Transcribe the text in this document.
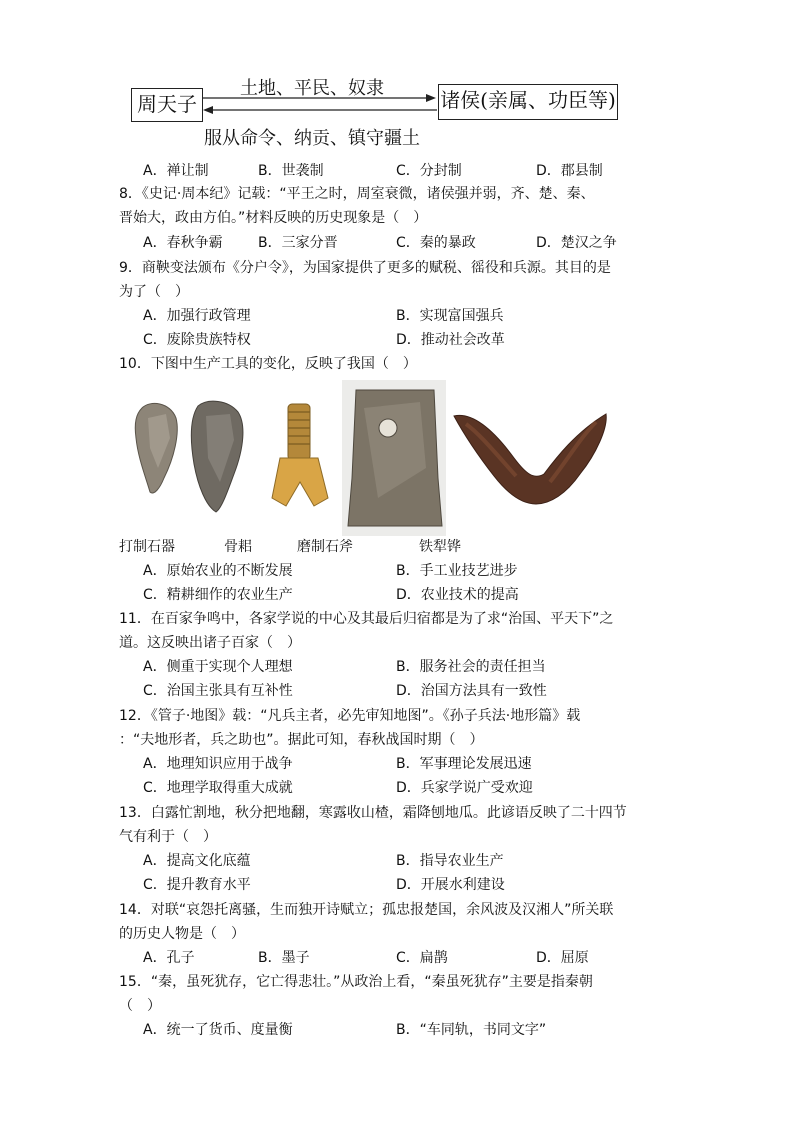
周天子	诸侯(亲属、功臣等)
土地、平民、奴隶
服从命令、纳贡、镇守疆土
A．禅让制	B．世袭制	C．分封制	D．郡县制
8．《史记·周本纪》记载：“平王之时，周室衰微，诸侯强并弱，齐、楚、秦、
晋始大，政由方伯。”材料反映的历史现象是（　）
A．春秋争霸	B．三家分晋	C．秦的暴政	D．楚汉之争
9．商鞅变法颁布《分户令》，为国家提供了更多的赋税、徭役和兵源。其目的是
为了（　）
A．加强行政管理	B．实现富国强兵
C．废除贵族特权	D．推动社会改革
10．下图中生产工具的变化，反映了我国（　）
打制石器	骨耜	磨制石斧	铁犁铧
A．原始农业的不断发展	B．手工业技艺进步
C．精耕细作的农业生产	D．农业技术的提高
11．在百家争鸣中，各家学说的中心及其最后归宿都是为了求“治国、平天下”之
道。这反映出诸子百家（　）
A．侧重于实现个人理想	B．服务社会的责任担当
C．治国主张具有互补性	D．治国方法具有一致性
12．《管子·地图》载：“凡兵主者，必先审知地图”。《孙子兵法·地形篇》载
：“夫地形者，兵之助也”。据此可知，春秋战国时期（　）
A．地理知识应用于战争	B．军事理论发展迅速
C．地理学取得重大成就	D．兵家学说广受欢迎
13．白露忙割地，秋分把地翻，寒露收山楂，霜降刨地瓜。此谚语反映了二十四节
气有利于（　）
A．提高文化底蕴	B．指导农业生产
C．提升教育水平	D．开展水利建设
14．对联“哀怨托离骚，生而独开诗赋立；孤忠报楚国，余风波及汉湘人”所关联
的历史人物是（　）
A．孔子	B．墨子	C．扁鹊	D．屈原
15．“秦，虽死犹存，它亡得悲壮。”从政治上看，“秦虽死犹存”主要是指秦朝
（　）
A．统一了货币、度量衡	B．“车同轨，书同文字”
